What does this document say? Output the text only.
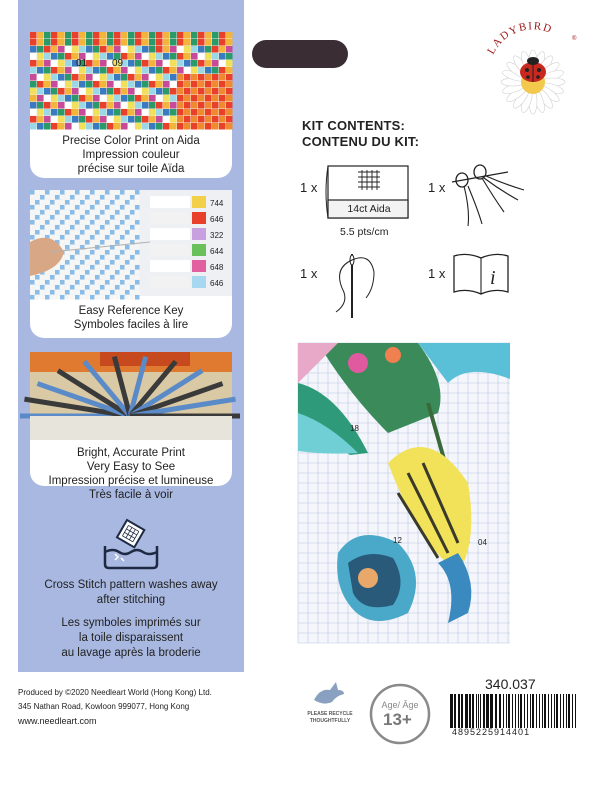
01 09
Precise Color Print on Aida
Impression couleur
précise sur toile Aïda
744
646
322
644
648
646
Easy Reference Key
Symboles faciles à lire
Bright, Accurate Print
Very Easy to See
Impression précise et lumineuse
Très facile à voir
Cross Stitch pattern washes away
after stitching
Les symboles imprimés sur
la toile disparaissent
au lavage après la broderie
Produced by ©2020 Needleart World (Hong Kong) Ltd.
345 Nathan Road, Kowloon 999077, Hong Kong
www.needleart.com
LADYBIRD
®
KIT CONTENTS:
CONTENU DU KIT:
1 x
14ct Aida
5.5 pts/cm
1 x
1 x	1 x i
18
12	04
PLEASE RECYCLE
THOUGHTFULLY
Age/ Âge
13+
340.037
4895225914401
